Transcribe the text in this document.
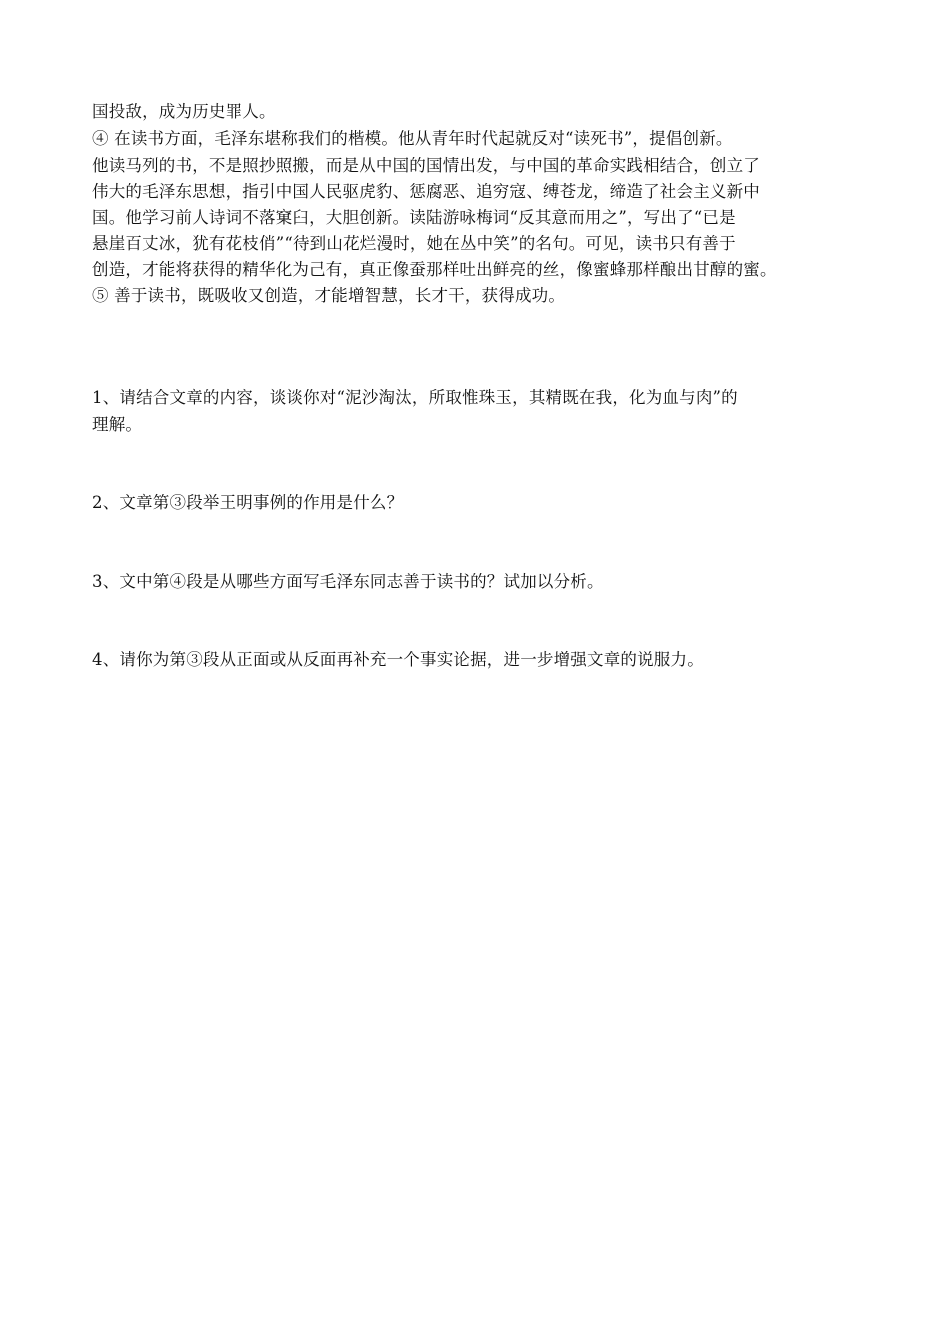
国投敌，成为历史罪人。
④ 在读书方面，毛泽东堪称我们的楷模。他从青年时代起就反对“读死书”，提倡创新。
他读马列的书，不是照抄照搬，而是从中国的国情出发，与中国的革命实践相结合，创立了
伟大的毛泽东思想，指引中国人民驱虎豹、惩腐恶、追穷寇、缚苍龙，缔造了社会主义新中
国。他学习前人诗词不落窠臼，大胆创新。读陆游咏梅词“反其意而用之”，写出了“已是
悬崖百丈冰，犹有花枝俏”“待到山花烂漫时，她在丛中笑”的名句。可见，读书只有善于
创造，才能将获得的精华化为己有，真正像蚕那样吐出鲜亮的丝，像蜜蜂那样酿出甘醇的蜜。
⑤ 善于读书，既吸收又创造，才能增智慧，长才干，获得成功。
1、请结合文章的内容，谈谈你对“泥沙淘汰，所取惟珠玉，其精既在我，化为血与肉”的
理解。
2、文章第③段举王明事例的作用是什么？
3、文中第④段是从哪些方面写毛泽东同志善于读书的？试加以分析。
4、请你为第③段从正面或从反面再补充一个事实论据，进一步增强文章的说服力。
